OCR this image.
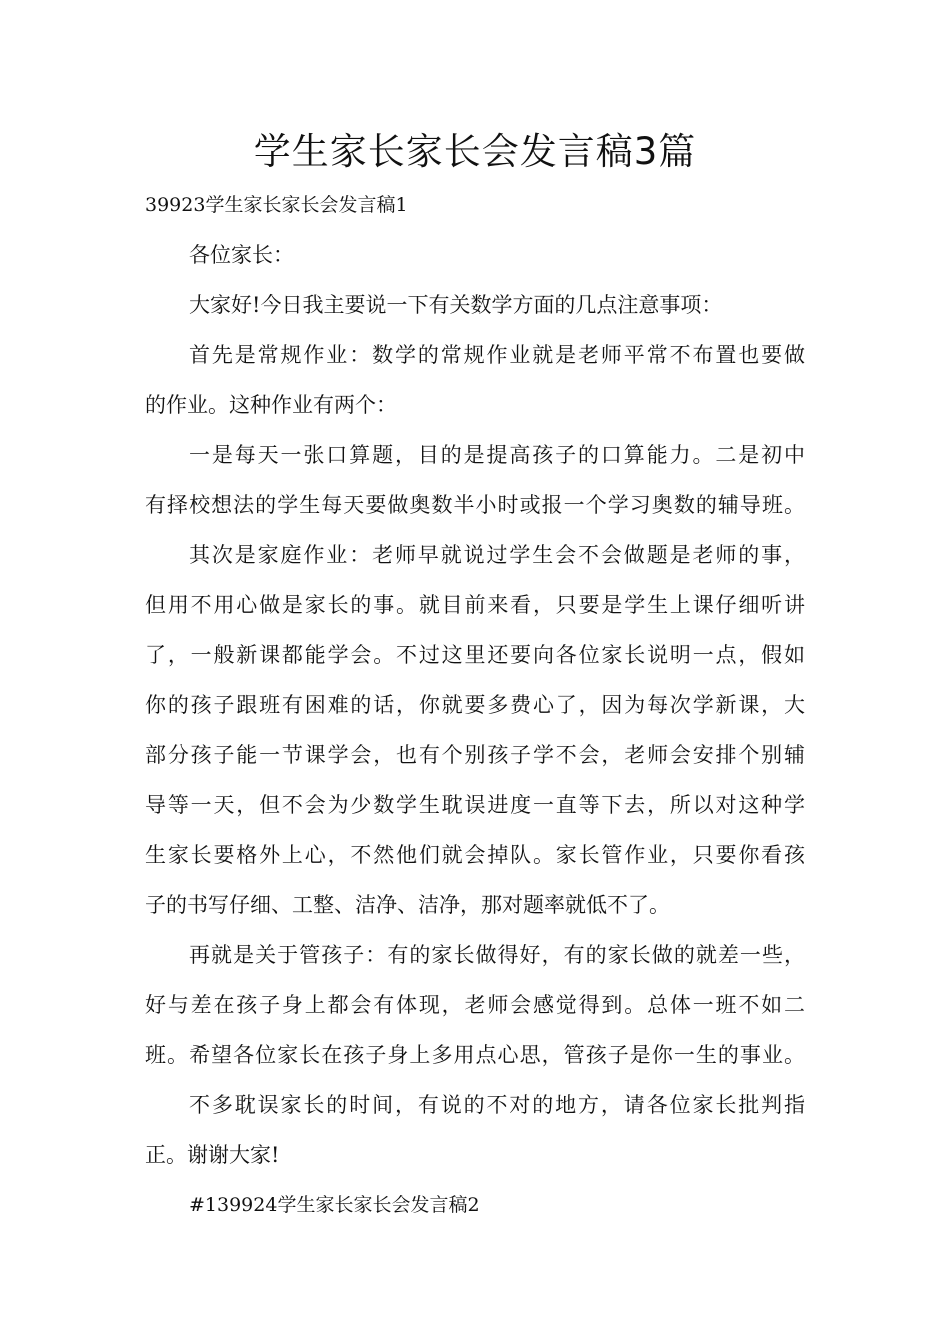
学生家长家长会发言稿3篇

39923学生家长家长会发言稿1

各位家长：

大家好!今日我主要说一下有关数学方面的几点注意事项：

首先是常规作业：数学的常规作业就是老师平常不布置也要做

的作业。这种作业有两个：

一是每天一张口算题，目的是提高孩子的口算能力。二是初中

有择校想法的学生每天要做奥数半小时或报一个学习奥数的辅导班。

其次是家庭作业：老师早就说过学生会不会做题是老师的事，

但用不用心做是家长的事。就目前来看，只要是学生上课仔细听讲

了，一般新课都能学会。不过这里还要向各位家长说明一点，假如

你的孩子跟班有困难的话，你就要多费心了，因为每次学新课，大

部分孩子能一节课学会，也有个别孩子学不会，老师会安排个别辅

导等一天，但不会为少数学生耽误进度一直等下去，所以对这种学

生家长要格外上心，不然他们就会掉队。家长管作业，只要你看孩

子的书写仔细、工整、洁净、洁净，那对题率就低不了。

再就是关于管孩子：有的家长做得好，有的家长做的就差一些，

好与差在孩子身上都会有体现，老师会感觉得到。总体一班不如二

班。希望各位家长在孩子身上多用点心思，管孩子是你一生的事业。

不多耽误家长的时间，有说的不对的地方，请各位家长批判指

正。谢谢大家!

#139924学生家长家长会发言稿2
